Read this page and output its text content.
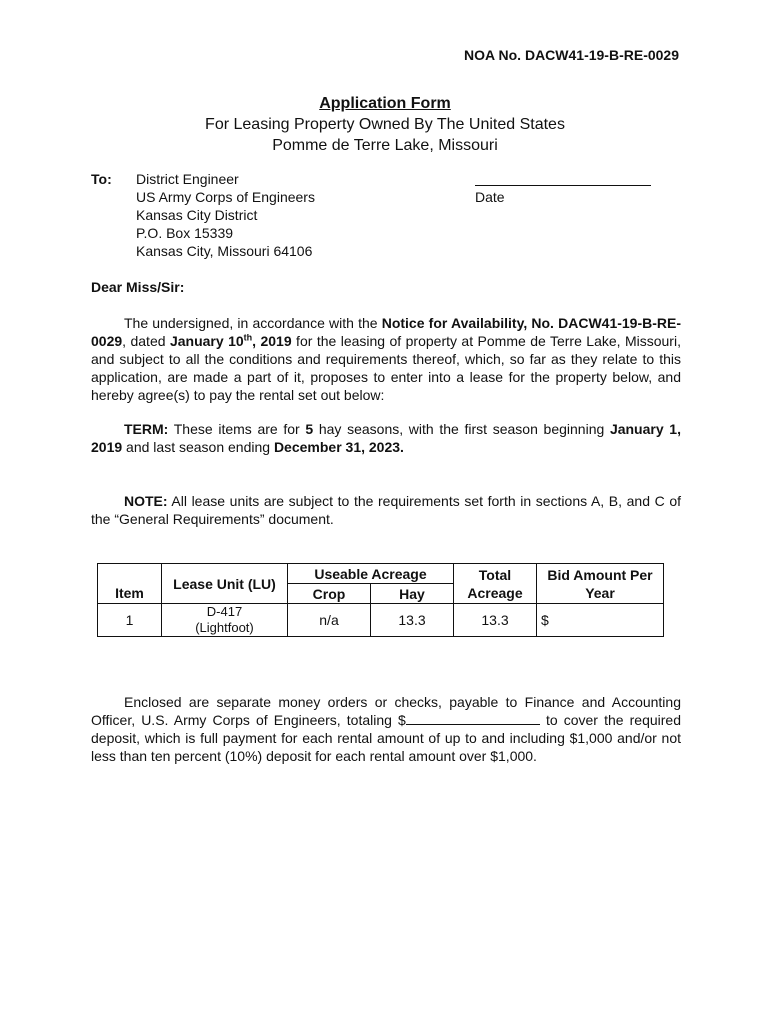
NOA No. DACW41-19-B-RE-0029
Application Form
For Leasing Property Owned By The United States
Pomme de Terre Lake, Missouri
To: District Engineer
US Army Corps of Engineers
Kansas City District
P.O. Box 15339
Kansas City, Missouri 64106
Date
Dear Miss/Sir:

The undersigned, in accordance with the Notice for Availability, No. DACW41-19-B-RE-0029, dated January 10th, 2019 for the leasing of property at Pomme de Terre Lake, Missouri, and subject to all the conditions and requirements thereof, which, so far as they relate to this application, are made a part of it, proposes to enter into a lease for the property below, and hereby agree(s) to pay the rental set out below:

TERM: These items are for 5 hay seasons, with the first season beginning January 1, 2019 and last season ending December 31, 2023.

NOTE: All lease units are subject to the requirements set forth in sections A, B, and C of the “General Requirements” document.

Item	Lease Unit (LU)	Useable Acreage		Total Acreage	Bid Amount Per Year
		Crop	Hay		
1	D-417
(Lightfoot)	n/a	13.3	13.3	$

Enclosed are separate money orders or checks, payable to Finance and Accounting Officer, U.S. Army Corps of Engineers, totaling $	to cover the required deposit, which is full payment for each rental amount of up to and including $1,000 and/or not less than ten percent (10%) deposit for each rental amount over $1,000.
